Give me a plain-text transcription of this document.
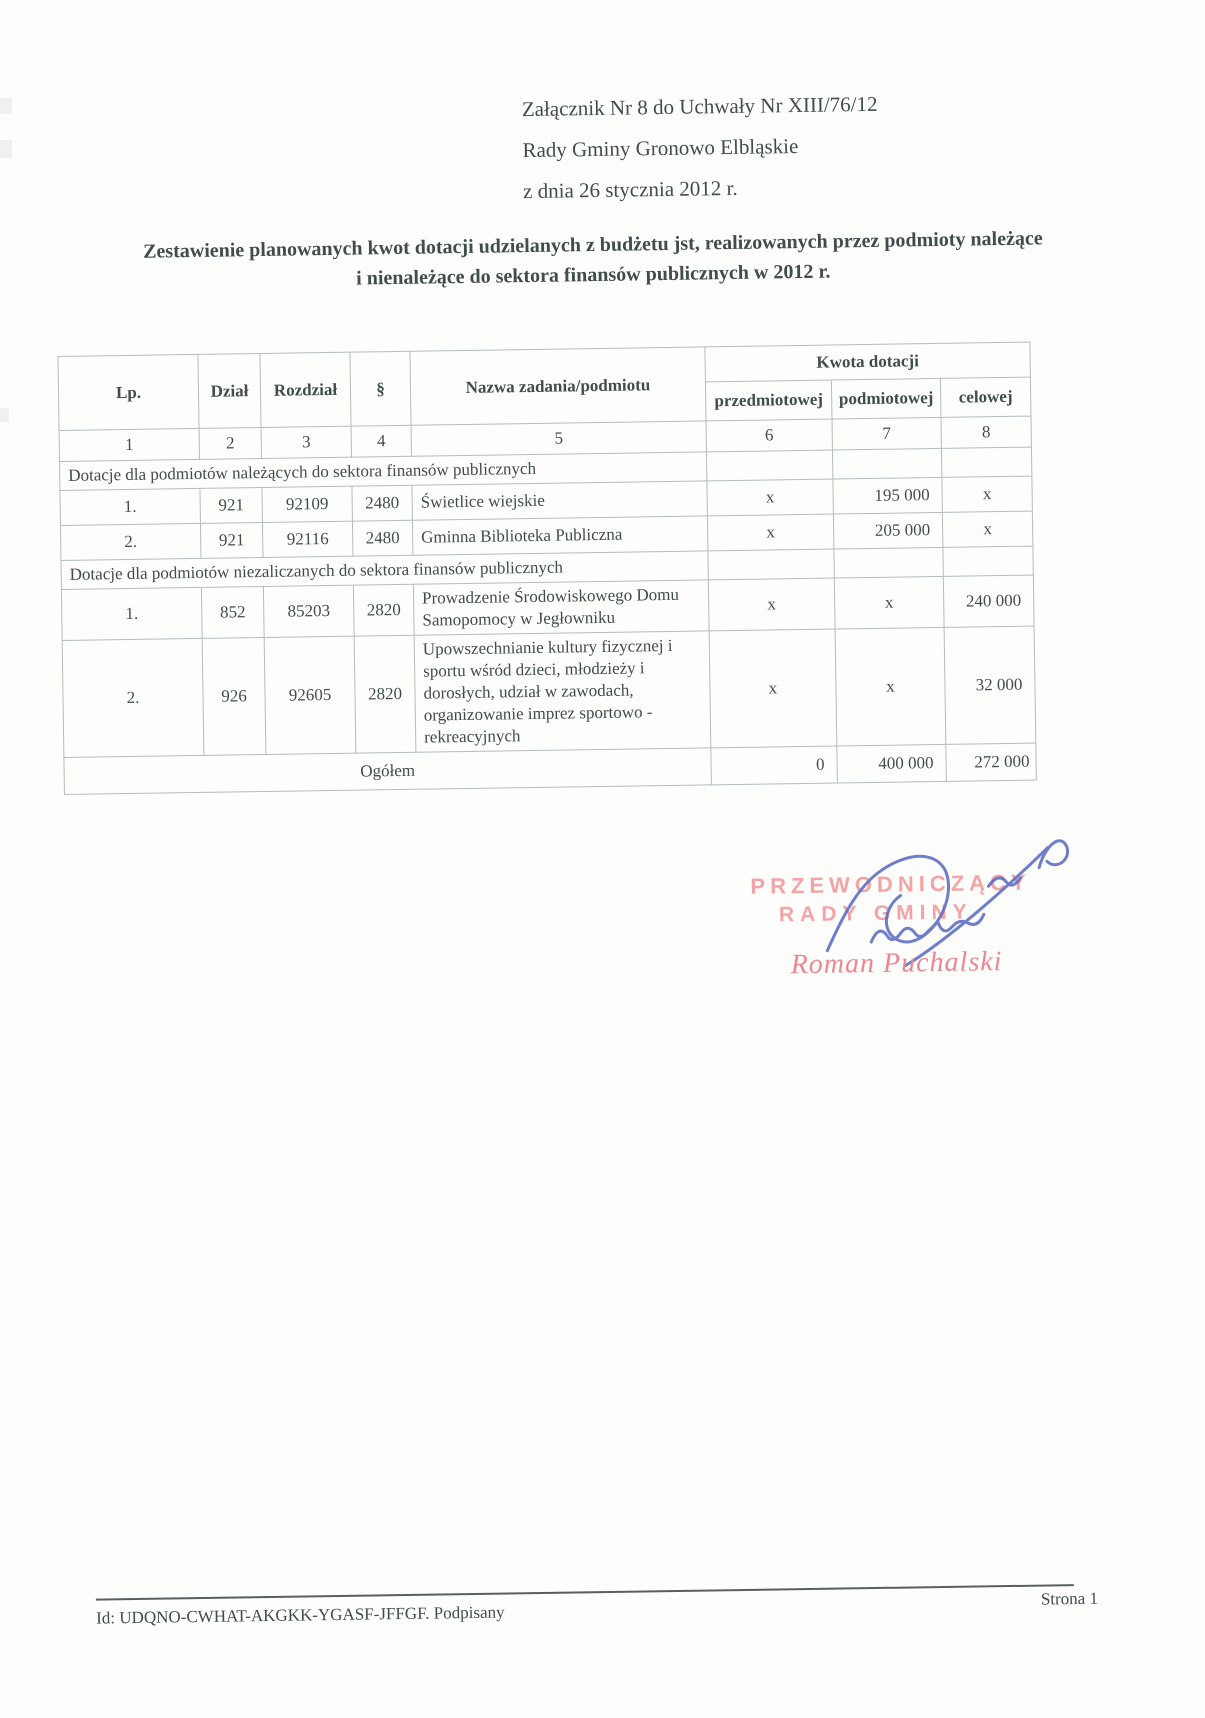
Załącznik Nr 8 do Uchwały Nr XIII/76/12
Rady Gminy Gronowo Elbląskie
z dnia 26 stycznia 2012 r.
Zestawienie planowanych kwot dotacji udzielanych z budżetu jst, realizowanych przez podmioty należące
i nienależące do sektora finansów publicznych w 2012 r.
Lp.	Dział	Rozdział	§	Nazwa zadania/podmiotu	Kwota dotacji		
					przedmiotowej	podmiotowej	celowej
1	2	3	4	5	6	7	8
Dotacje dla podmiotów należących do sektora finansów publicznych							
1.	921	92109	2480	Świetlice wiejskie	x	195 000	x
2.	921	92116	2480	Gminna Biblioteka Publiczna	x	205 000	x
Dotacje dla podmiotów niezaliczanych do sektora finansów publicznych							
1.	852	85203	2820	Prowadzenie Środowiskowego Domu Samopomocy w Jegłowniku	x	x	240 000
2.	926	92605	2820	Upowszechnianie kultury fizycznej i sportu wśród dzieci, młodzieży i dorosłych, udział w zawodach, organizowanie imprez sportowo - rekreacyjnych	x	x	32 000
Ogółem					0	400 000	272 000
PRZEWODNICZĄCY
RADY GMINY
Roman Puchalski
Id: UDQNO-CWHAT-AKGKK-YGASF-JFFGF. Podpisany
Strona 1
